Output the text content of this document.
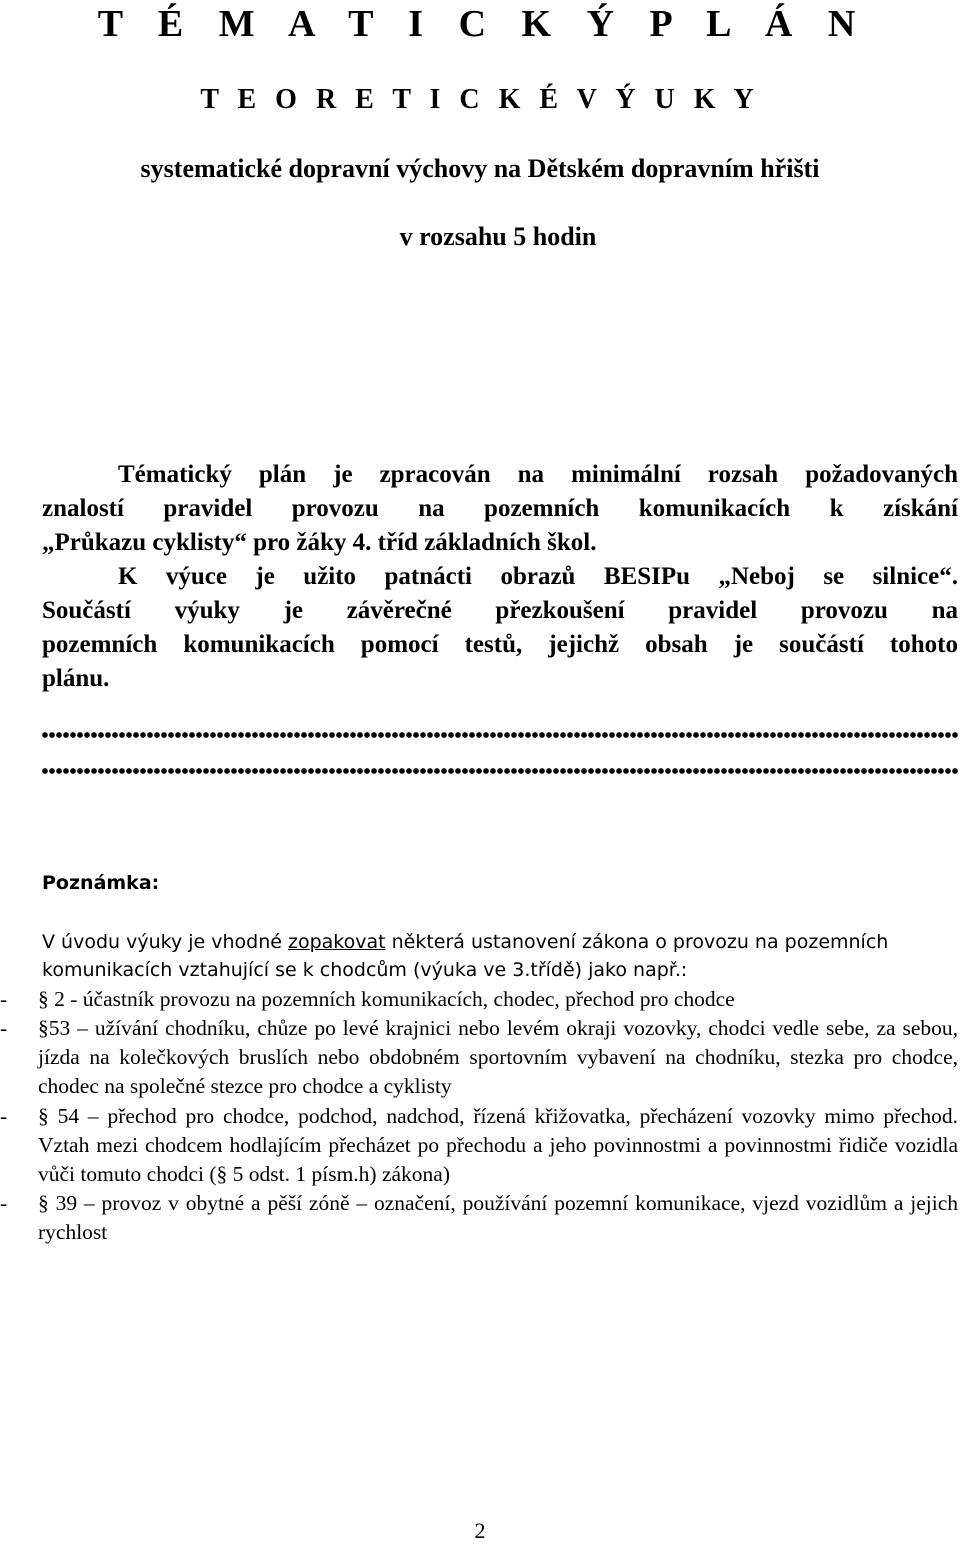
T É M A T I C K Ý P L Á N
T E O R E T I C K É V Ý U K Y
systematické dopravní výchovy na Dětském dopravním hřišti
v rozsahu 5 hodin
Tématický plán je zpracován na minimální rozsah požadovaných
znalostí pravidel provozu na pozemních komunikacích k získání
„Průkazu cyklisty“ pro žáky 4. tříd základních škol.
K výuce je užito patnácti obrazů BESIPu „Neboj se silnice“.
Součástí výuky je závěrečné přezkoušení pravidel provozu na
pozemních komunikacích pomocí testů, jejichž obsah je součástí tohoto
plánu.
Poznámka:
V úvodu výuky je vhodné zopakovat některá ustanovení zákona o provozu na pozemních
komunikacích vztahující se k chodcům (výuka ve 3.třídě) jako např.:
- § 2 - účastník provozu na pozemních komunikacích, chodec, přechod pro chodce
- §53 – užívání chodníku, chůze po levé krajnici nebo levém okraji vozovky, chodci vedle sebe, za sebou, jízda na kolečkových bruslích nebo obdobném sportovním vybavení na chodníku, stezka pro chodce, chodec na společné stezce pro chodce a cyklisty
- § 54 – přechod pro chodce, podchod, nadchod, řízená křižovatka, přecházení vozovky mimo přechod. Vztah mezi chodcem hodlajícím přecházet po přechodu a jeho povinnostmi a povinnostmi řidiče vozidla vůči tomuto chodci (§ 5 odst. 1 písm.h) zákona)
- § 39 – provoz v obytné a pěší zóně – označení, používání pozemní komunikace, vjezd vozidlům a jejich rychlost
2
